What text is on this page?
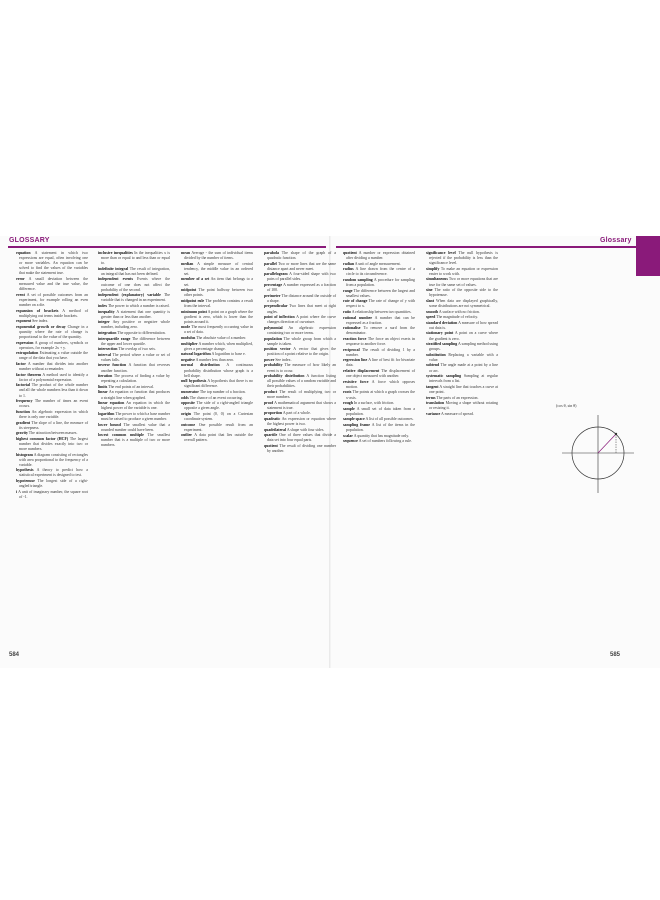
GLOSSARY	Glossary
equation A statement in which two expressions are equal, often involving one or more variables. An equation can be solved to find the values of the variables that make the statement true.
error A small deviation between the measured value and the true value, the difference.
event A set of possible outcomes from an experiment, for example rolling an even number on a die.
expansion of brackets A method of multiplying out terms inside brackets.
exponent See index.
exponential growth or decay Change in a quantity where the rate of change is proportional to the value of the quantity.
expression A group of numbers, symbols or operators, for example 2x + y.
extrapolation Estimating a value outside the range of the data that you have.
factor A number that divides into another number without a remainder.
factor theorem A method used to identify a factor of a polynomial expression.
factorial The product of the whole number and all the whole numbers less than it down to 1.
frequency The number of times an event occurs.
function An algebraic expression in which there is only one variable.
gradient The slope of a line, the measure of its steepness.
gravity The attraction between masses.
highest common factor (HCF) The largest number that divides exactly into two or more numbers.
histogram A diagram consisting of rectangles with area proportional to the frequency of a variable.
hypothesis A theory to predict how a statistical experiment is designed to test.
hypotenuse The longest side of a right-angled triangle.
i A unit of imaginary number, the square root of -1.
inclusive inequalities In the inequalities x is more than or equal to and less than or equal to.
indefinite integral The result of integration, an integral that has not been defined.
independent events Events where the outcome of one does not affect the probability of the second.
independent (explanatory) variable The variable that is changed in an experiment.
index The power to which a number is raised.
inequality A statement that one quantity is greater than or less than another.
integer Any positive or negative whole number, including zero.
integration The opposite to differentiation.
interquartile range The difference between the upper and lower quartile.
intersection The overlap of two sets.
interval The period where a value or set of values falls.
inverse function A function that reverses another function.
iteration The process of finding a value by repeating a calculation.
limits The end points of an interval.
linear An equation or function that produces a straight line when graphed.
linear equation An equation in which the highest power of the variable is one.
logarithm The power to which a base number must be raised to produce a given number.
lower bound The smallest value that a rounded number could have been.
lowest common multiple The smallest number that is a multiple of two or more numbers.
mean Average - the sum of individual items divided by the number of items.
median A simple measure of central tendency, the middle value in an ordered set.
member of a set An item that belongs to a set.
midpoint The point halfway between two other points.
midpoint rule The problem contains a result from the interval.
minimum point A point on a graph where the gradient is zero, which is lower than the points around it.
mode The most frequently occurring value in a set of data.
modulus The absolute value of a number.
multiplier A number which, when multiplied, gives a percentage change.
natural logarithm A logarithm to base e.
negative A number less than zero.
normal distribution A continuous probability distribution whose graph is a bell shape.
null hypothesis A hypothesis that there is no significant difference.
numerator The top number of a fraction.
odds The chance of an event occurring.
opposite The side of a right-angled triangle opposite a given angle.
origin The point (0, 0) on a Cartesian coordinate system.
outcome One possible result from an experiment.
outlier A data point that lies outside the overall pattern.
parabola The shape of the graph of a quadratic function.
parallel Two or more lines that are the same distance apart and never meet.
parallelogram A four-sided shape with two pairs of parallel sides.
percentage A number expressed as a fraction of 100.
perimeter The distance around the outside of a shape.
perpendicular Two lines that meet at right angles.
point of inflection A point where the curve changes direction of curvature.
polynomial An algebraic expression containing two or more terms.
population The whole group from which a sample is taken.
position vector A vector that gives the position of a point relative to the origin.
power See index.
probability The measure of how likely an event is to occur.
probability distribution A function listing all possible values of a random variable and their probabilities.
product The result of multiplying two or more numbers.
proof A mathematical argument that shows a statement is true.
proportion A part of a whole.
quadratic An expression or equation where the highest power is two.
quadrilateral A shape with four sides.
quartile One of three values that divide a data set into four equal parts.
quotient The result of dividing one number by another.
quotient A number or expression obtained after dividing a number.
radian A unit of angle measurement.
radius A line drawn from the centre of a circle to its circumference.
random sampling A procedure for sampling from a population.
range The difference between the largest and smallest values.
rate of change The rate of change of y with respect to x.
ratio A relationship between two quantities.
rational number A number that can be expressed as a fraction.
rationalise To remove a surd from the denominator.
reaction force The force an object exerts in response to another force.
reciprocal The result of dividing 1 by a number.
regression line A line of best fit for bivariate data.
relative displacement The displacement of one object measured with another.
resistive force A force which opposes motion.
roots The points at which a graph crosses the x-axis.
rough In a surface, with friction.
sample A small set of data taken from a population.
sample space A list of all possible outcomes.
sampling frame A list of the items in the population.
scalar A quantity that has magnitude only.
sequence A set of numbers following a rule.
significance level The null hypothesis is rejected if the probability is less than the significance level.
simplify To make an equation or expression easier to work with.
simultaneous Two or more equations that are true for the same set of values.
sine The ratio of the opposite side to the hypotenuse.
slant When data are displayed graphically, some distributions are not symmetrical.
smooth A surface with no friction.
speed The magnitude of velocity.
standard deviation A measure of how spread out data is.
stationary point A point on a curve where the gradient is zero.
stratified sampling A sampling method using groups.
substitution Replacing a variable with a value.
subtend The angle made at a point by a line or arc.
systematic sampling Sampling at regular intervals from a list.
tangent A straight line that touches a curve at one point.
terms The parts of an expression.
translation Moving a shape without rotating or resizing it.
variance A measure of spread.
(cos θ, sin θ)
584	585
